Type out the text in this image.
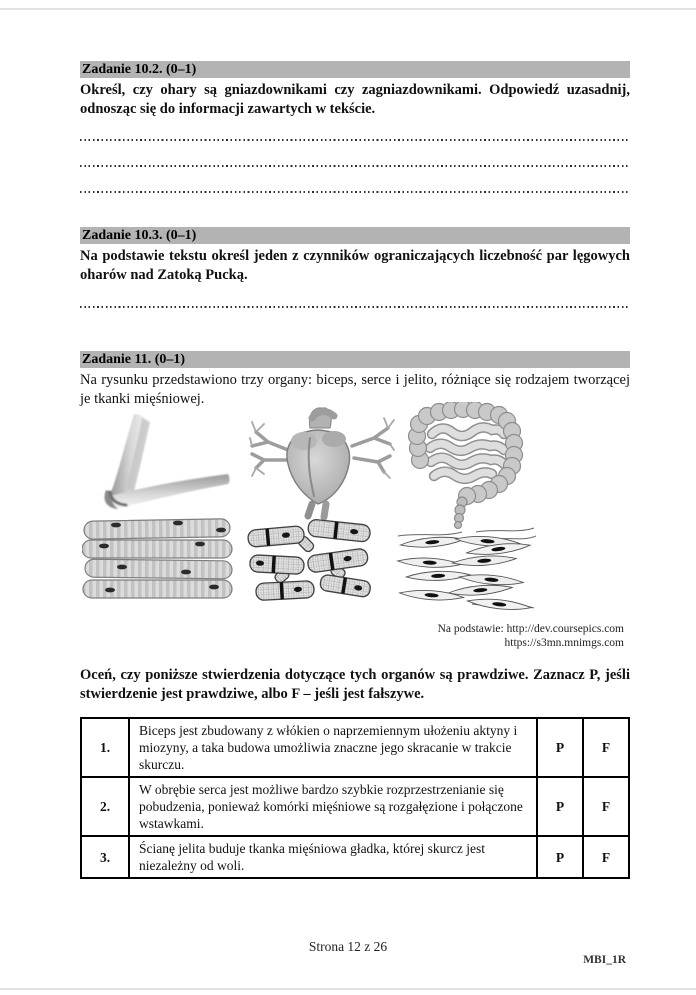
Zadanie 10.2. (0–1)
Określ, czy ohary są gniazdownikami czy zagniazdownikami. Odpowiedź uzasadnij, odnosząc się do informacji zawartych w tekście.
Zadanie 10.3. (0–1)
Na podstawie tekstu określ jeden z czynników ograniczających liczebność par lęgowych oharów nad Zatoką Pucką.
Zadanie 11. (0–1)
Na rysunku przedstawiono trzy organy: biceps, serce i jelito, różniące się rodzajem tworzącej je tkanki mięśniowej.
Na podstawie: http://dev.coursepics.com
https://s3mn.mnimgs.com
Oceń, czy poniższe stwierdzenia dotyczące tych organów są prawdziwe. Zaznacz P, jeśli stwierdzenie jest prawdziwe, albo F – jeśli jest fałszywe.
1.	Biceps jest zbudowany z włókien o naprzemiennym ułożeniu aktyny i miozyny, a taka budowa umożliwia znaczne jego skracanie w trakcie skurczu.	P	F
2.	W obrębie serca jest możliwe bardzo szybkie rozprzestrzenianie się pobudzenia, ponieważ komórki mięśniowe są rozgałęzione i połączone wstawkami.	P	F
3.	Ścianę jelita buduje tkanka mięśniowa gładka, której skurcz jest niezależny od woli.	P	F
Strona 12 z 26
MBI_1R
